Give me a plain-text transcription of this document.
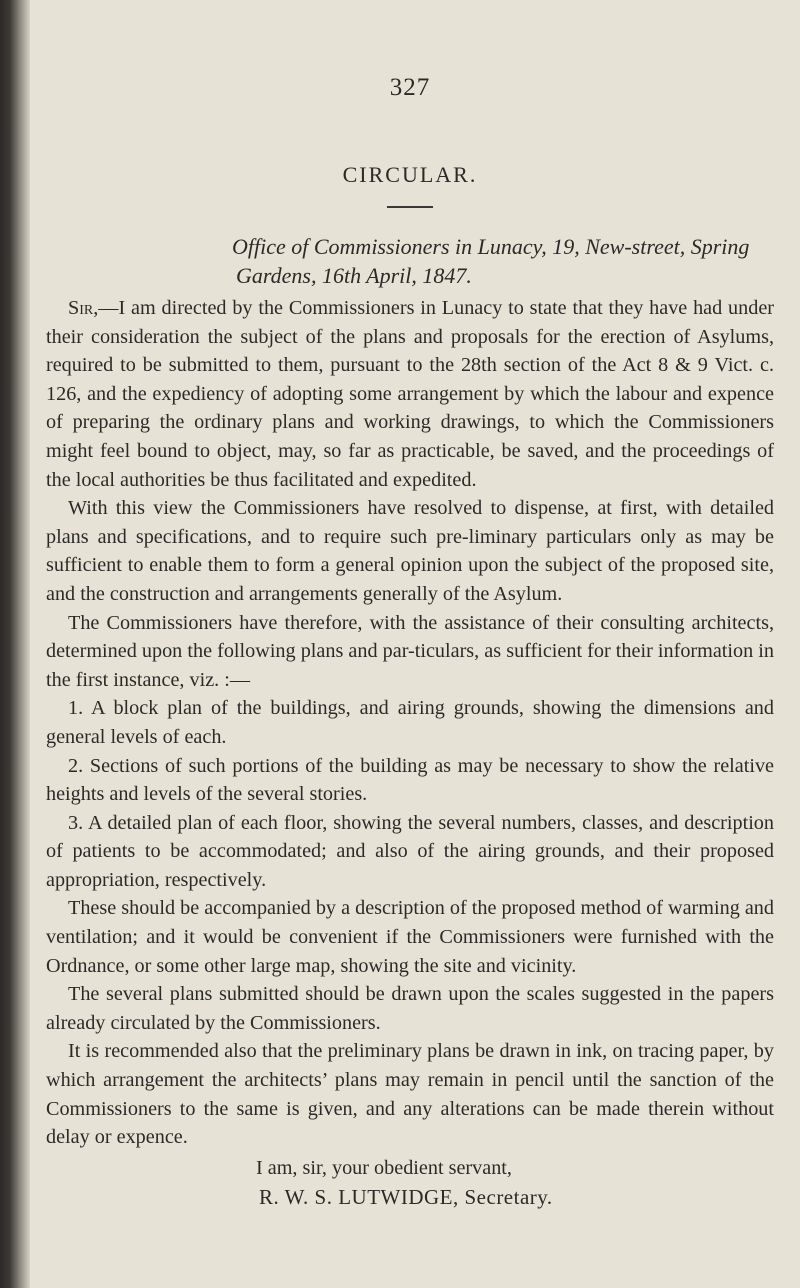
327
CIRCULAR.
Office of Commissioners in Lunacy, 19, New-street, Spring Gardens, 16th April, 1847.

Sir,—I am directed by the Commissioners in Lunacy to state that they have had under their consideration the subject of the plans and proposals for the erection of Asylums, required to be submitted to them, pursuant to the 28th section of the Act 8 & 9 Vict. c. 126, and the expediency of adopting some arrangement by which the labour and expence of preparing the ordinary plans and working drawings, to which the Commissioners might feel bound to object, may, so far as practicable, be saved, and the proceedings of the local authorities be thus facilitated and expedited.

With this view the Commissioners have resolved to dispense, at first, with detailed plans and specifications, and to require such pre-liminary particulars only as may be sufficient to enable them to form a general opinion upon the subject of the proposed site, and the construction and arrangements generally of the Asylum.

The Commissioners have therefore, with the assistance of their consulting architects, determined upon the following plans and par-ticulars, as sufficient for their information in the first instance, viz. :—

1. A block plan of the buildings, and airing grounds, showing the dimensions and general levels of each.

2. Sections of such portions of the building as may be necessary to show the relative heights and levels of the several stories.

3. A detailed plan of each floor, showing the several numbers, classes, and description of patients to be accommodated; and also of the airing grounds, and their proposed appropriation, respectively.

These should be accompanied by a description of the proposed method of warming and ventilation; and it would be convenient if the Commissioners were furnished with the Ordnance, or some other large map, showing the site and vicinity.

The several plans submitted should be drawn upon the scales suggested in the papers already circulated by the Commissioners.

It is recommended also that the preliminary plans be drawn in ink, on tracing paper, by which arrangement the architects’ plans may remain in pencil until the sanction of the Commissioners to the same is given, and any alterations can be made therein without delay or expence.

I am, sir, your obedient servant,
R. W. S. LUTWIDGE, Secretary.
